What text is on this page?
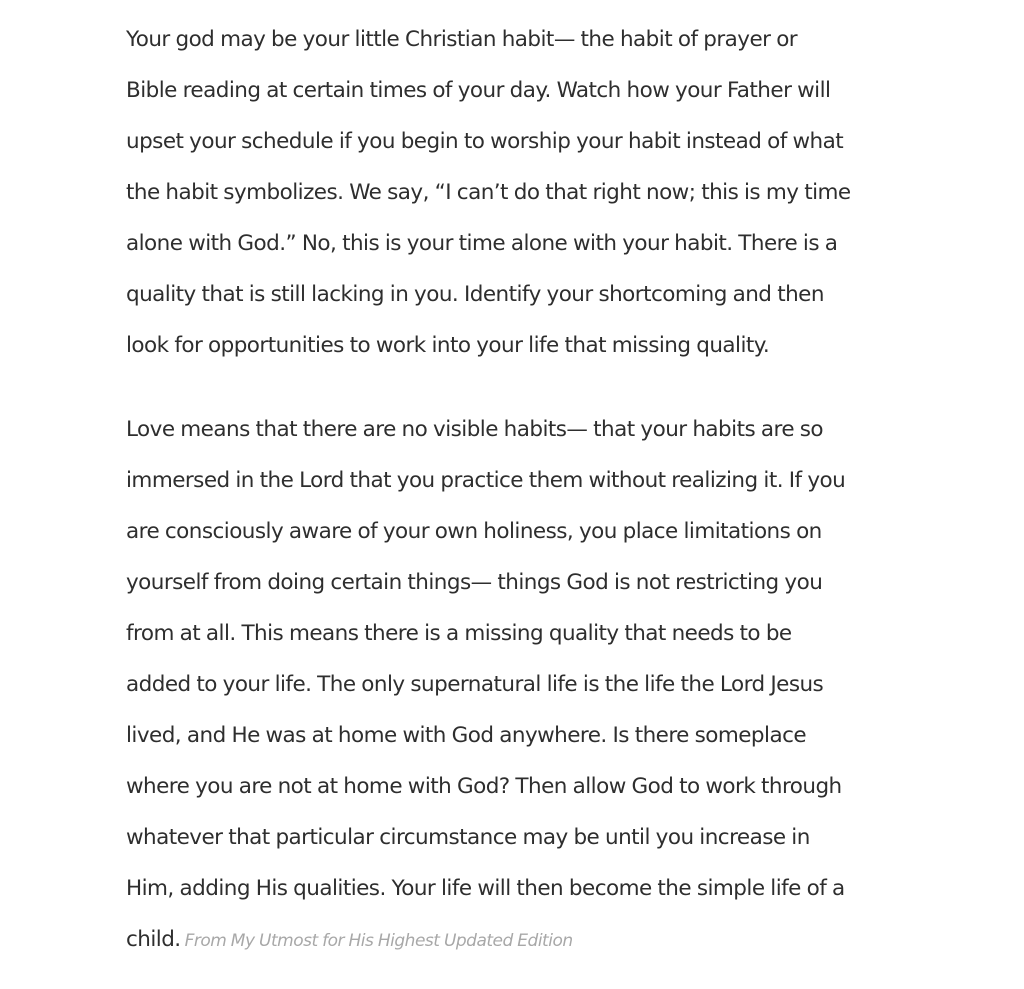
Your god may be your little Christian habit— the habit of prayer or
Bible reading at certain times of your day. Watch how your Father will
upset your schedule if you begin to worship your habit instead of what
the habit symbolizes. We say, “I can’t do that right now; this is my time
alone with God.” No, this is your time alone with your habit. There is a
quality that is still lacking in you. Identify your shortcoming and then
look for opportunities to work into your life that missing quality.

Love means that there are no visible habits— that your habits are so
immersed in the Lord that you practice them without realizing it. If you
are consciously aware of your own holiness, you place limitations on
yourself from doing certain things— things God is not restricting you
from at all. This means there is a missing quality that needs to be
added to your life. The only supernatural life is the life the Lord Jesus
lived, and He was at home with God anywhere. Is there someplace
where you are not at home with God? Then allow God to work through
whatever that particular circumstance may be until you increase in
Him, adding His qualities. Your life will then become the simple life of a
child. From My Utmost for His Highest Updated Edition
